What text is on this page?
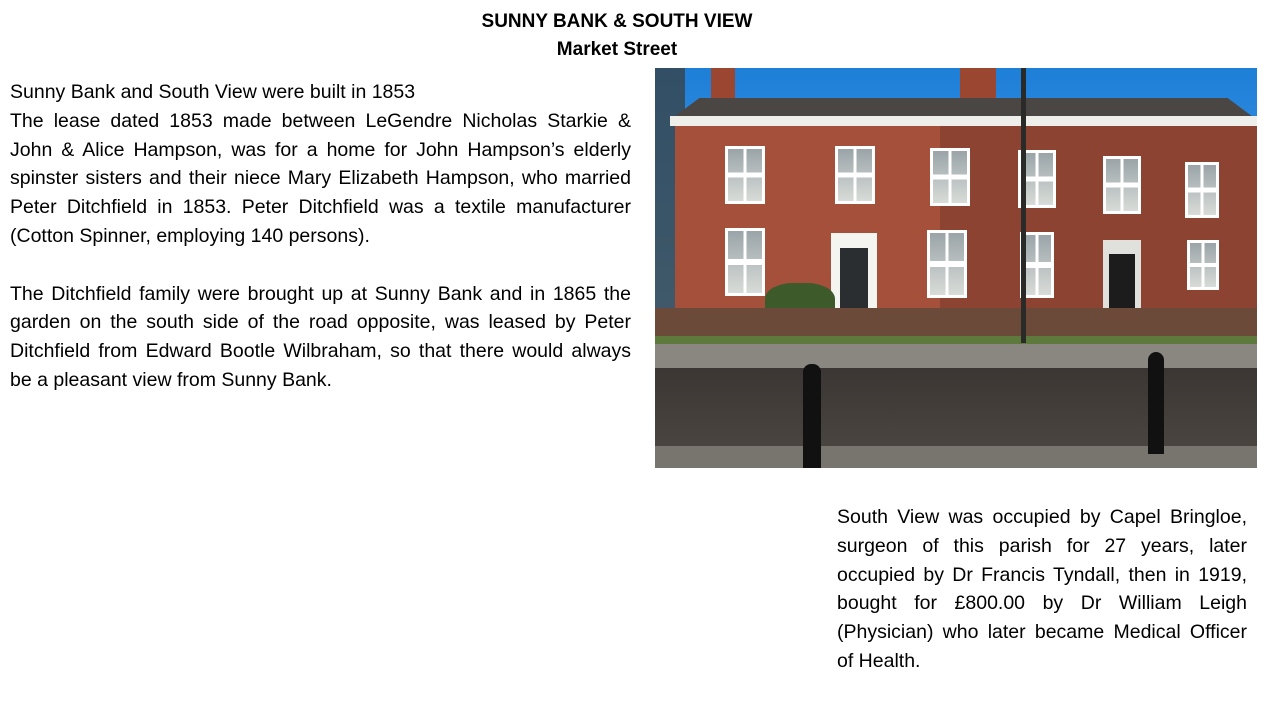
SUNNY BANK & SOUTH VIEW
Market Street

Sunny Bank and South View were built in 1853

The lease dated 1853 made between LeGendre Nicholas Starkie & John & Alice Hampson, was for a home for John Hampson’s elderly spinster sisters and their niece Mary Elizabeth Hampson, who married Peter Ditchfield in 1853. Peter Ditchfield was a textile manufacturer (Cotton Spinner, employing 140 persons).

The Ditchfield family were brought up at Sunny Bank and in 1865 the garden on the south side of the road opposite, was leased by Peter Ditchfield from Edward Bootle Wilbraham, so that there would always be a pleasant view from Sunny Bank.

South View was occupied by Capel Bringloe, surgeon of this parish for 27 years, later occupied by Dr Francis Tyndall, then in 1919, bought for £800.00 by Dr William Leigh (Physician) who later became Medical Officer of Health.
